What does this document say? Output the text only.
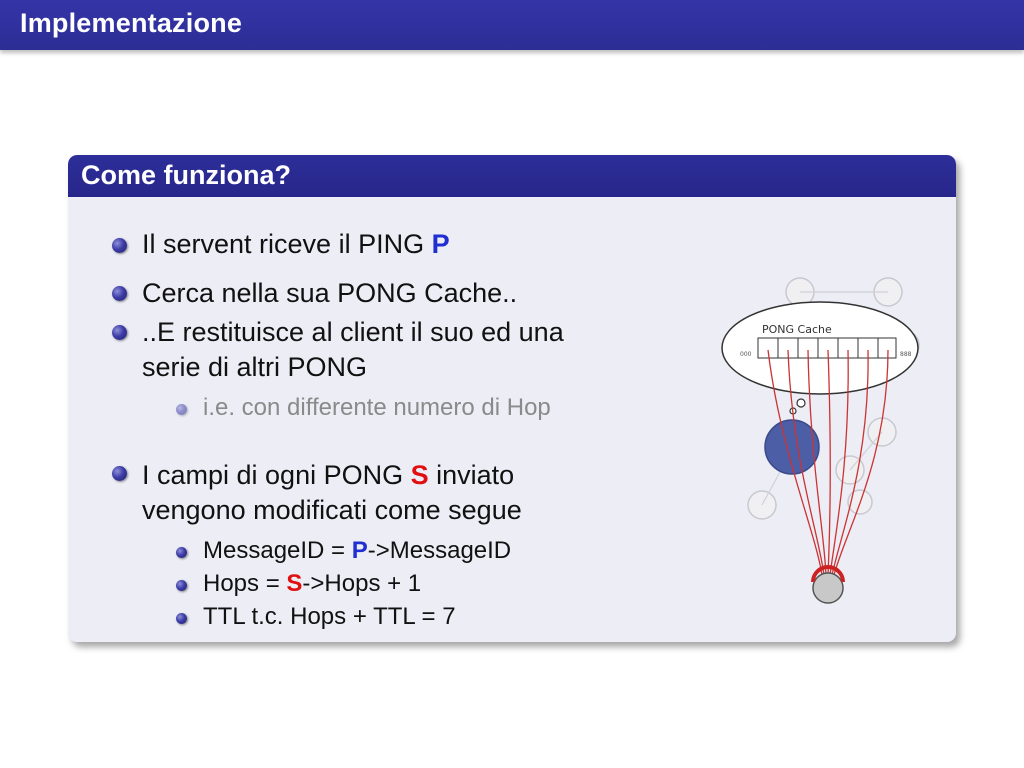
Implementazione
Come funziona?
Il servent riceve il PING P
Cerca nella sua PONG Cache..
..E restituisce al client il suo ed una
serie di altri PONG
i.e. con differente numero di Hop
I campi di ogni PONG S inviato
vengono modificati come segue
MessageID = P->MessageID
Hops = S->Hops + 1
TTL t.c. Hops + TTL = 7
PONG Cache
000	888
